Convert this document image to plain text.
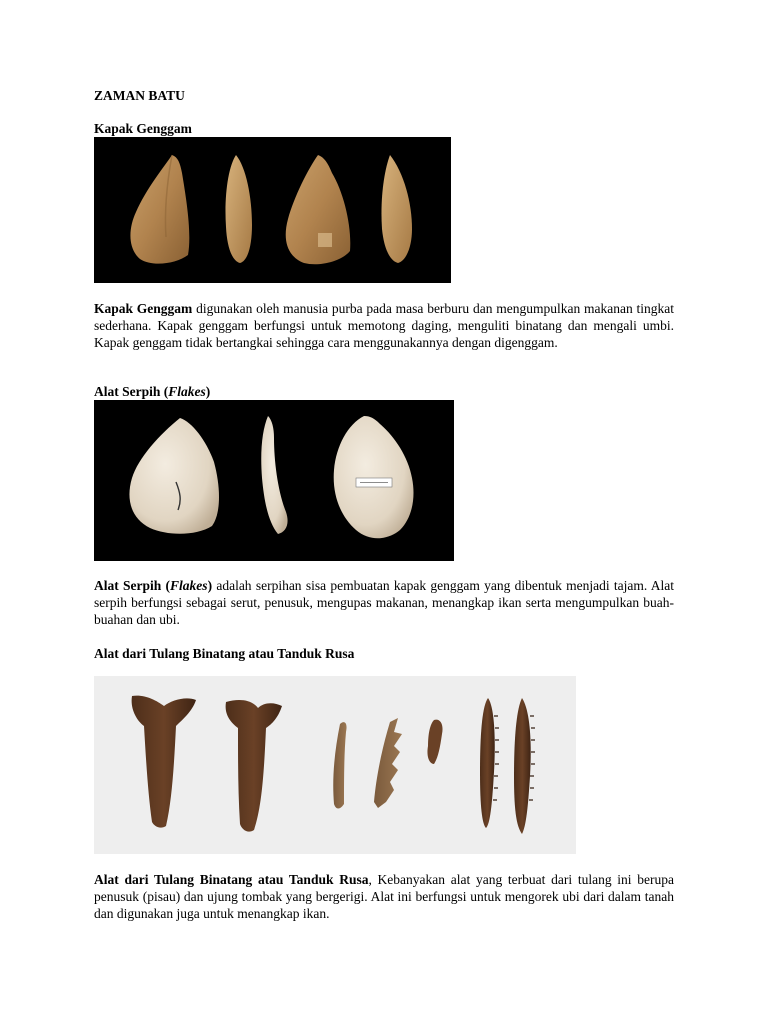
ZAMAN BATU
Kapak Genggam

Kapak Genggam digunakan oleh manusia purba pada masa berburu dan mengumpulkan makanan tingkat sederhana. Kapak genggam berfungsi untuk memotong daging, menguliti binatang dan mengali umbi. Kapak genggam tidak bertangkai sehingga cara menggunakannya dengan digenggam.

Alat Serpih (Flakes)

Alat Serpih (Flakes) adalah serpihan sisa pembuatan kapak genggam yang dibentuk menjadi tajam. Alat serpih berfungsi sebagai serut, penusuk, mengupas makanan, menangkap ikan serta mengumpulkan buah-buahan dan ubi.

Alat dari Tulang Binatang atau Tanduk Rusa

Alat dari Tulang Binatang atau Tanduk Rusa, Kebanyakan alat yang terbuat dari tulang ini berupa penusuk (pisau) dan ujung tombak yang bergerigi. Alat ini berfungsi untuk mengorek ubi dari dalam tanah dan digunakan juga untuk menangkap ikan.
